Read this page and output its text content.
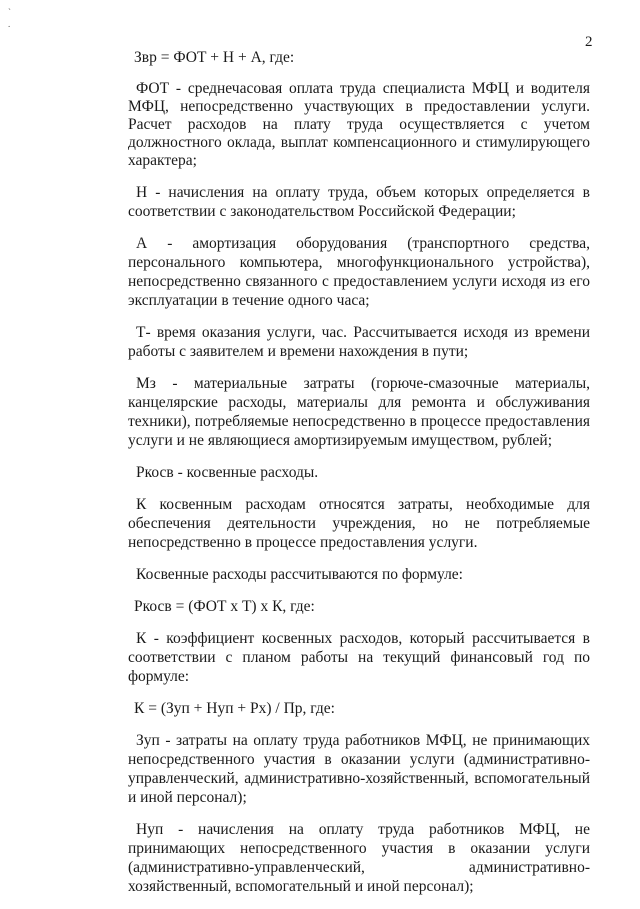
`
.
2

Звр = ФОТ + Н + А, где:

ФОТ - среднечасовая оплата труда специалиста МФЦ и водителя МФЦ, непосредственно участвующих в предоставлении услуги. Расчет расходов на плату труда осуществляется с учетом должностного оклада, выплат компенсационного и стимулирующего характера;

Н - начисления на оплату труда, объем которых определяется в соответствии с законодательством Российской Федерации;

А - амортизация оборудования (транспортного средства, персонального компьютера, многофункционального устройства), непосредственно связанного с предоставлением услуги исходя из его эксплуатации в течение одного часа;

Т- время оказания услуги, час. Рассчитывается исходя из времени работы с заявителем и времени нахождения в пути;

Мз - материальные затраты (горюче-смазочные материалы, канцелярские расходы, материалы для ремонта и обслуживания техники), потребляемые непосредственно в процессе предоставления услуги и не являющиеся амортизируемым имуществом, рублей;

Ркосв - косвенные расходы.

К косвенным расходам относятся затраты, необходимые для обеспечения деятельности учреждения, но не потребляемые непосредственно в процессе предоставления услуги.

Косвенные расходы рассчитываются по формуле:

Ркосв = (ФОТ х Т) х К, где:

К - коэффициент косвенных расходов, который рассчитывается в соответствии с планом работы на текущий финансовый год по формуле:

К = (Зуп + Нуп + Рх) / Пр, где:

Зуп - затраты на оплату труда работников МФЦ, не принимающих непосредственного участия в оказании услуги (административно-управленческий, административно-хозяйственный, вспомогательный и иной персонал);

Нуп - начисления на оплату труда работников МФЦ, не принимающих непосредственного участия в оказании услуги (административно-управленческий, административно-хозяйственный, вспомогательный и иной персонал);
